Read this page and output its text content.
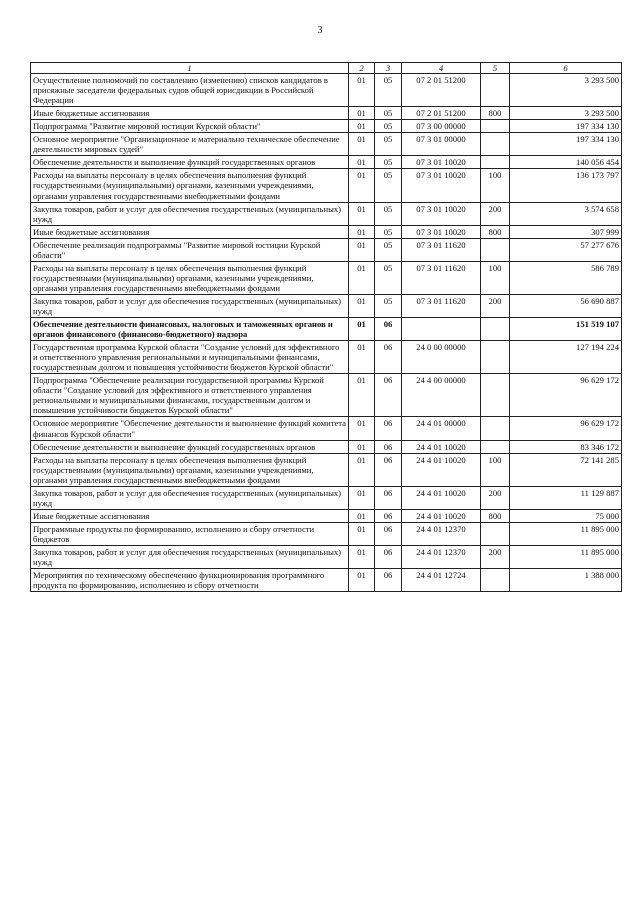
3
1	2	3	4	5	6
Осуществление полномочий по составлению (изменению) списков кандидатов в присяжные заседатели федеральных судов общей юрисдикции в Российской Федерации	01	05	07 2 01 51200		3 293 500
Иные бюджетные ассигнования	01	05	07 2 01 51200	800	3 293 500
Подпрограмма "Развитие мировой юстиции Курской области"	01	05	07 3 00 00000		197 334 130
Основное мероприятие "Организационное и материально техническое обеспечение деятельности мировых судей"	01	05	07 3 01 00000		197 334 130
Обеспечение деятельности и выполнение функций государственных органов	01	05	07 3 01 10020		140 056 454
Расходы на выплаты персоналу в целях обеспечения выполнения функций государственными (муниципальными) органами, казенными учреждениями, органами управления государственными внебюджетными фондами	01	05	07 3 01 10020	100	136 173 797
Закупка товаров, работ и услуг для обеспечения государственных (муниципальных) нужд	01	05	07 3 01 10020	200	3 574 658
Иные бюджетные ассигнования	01	05	07 3 01 10020	800	307 999
Обеспечение реализации подпрограммы "Развитие мировой юстиции Курской области"	01	05	07 3 01 11620		57 277 676
Расходы на выплаты персоналу в целях обеспечения выполнения функций государственными (муниципальными) органами, казенными учреждениями, органами управления государственными внебюджетными фондами	01	05	07 3 01 11620	100	586 789
Закупка товаров, работ и услуг для обеспечения государственных (муниципальных) нужд	01	05	07 3 01 11620	200	56 690 887
Обеспечение деятельности финансовых, налоговых и таможенных органов и органов финансового (финансово-бюджетного) надзора	01	06			151 519 107
Государственная программа Курской области "Создание условий для эффективного и ответственного управления региональными и муниципальными финансами, государственным долгом и повышения устойчивости бюджетов Курской области"	01	06	24 0 00 00000		127 194 224
Подпрограмма "Обеспечение реализации государственной программы Курской области "Создание условий для эффективного и ответственного управления региональными и муниципальными финансами, государственным долгом и повышения устойчивости бюджетов Курской области"	01	06	24 4 00 00000		96 629 172
Основное мероприятие "Обеспечение деятельности и выполнение функций комитета финансов Курской области"	01	06	24 4 01 00000		96 629 172
Обеспечение деятельности и выполнение функций государственных органов	01	06	24 4 01 10020		83 346 172
Расходы на выплаты персоналу в целях обеспечения выполнения функций государственными (муниципальными) органами, казенными учреждениями, органами управления государственными внебюджетными фондами	01	06	24 4 01 10020	100	72 141 285
Закупка товаров, работ и услуг для обеспечения государственных (муниципальных) нужд	01	06	24 4 01 10020	200	11 129 887
Иные бюджетные ассигнования	01	06	24 4 01 10020	800	75 000
Программные продукты по формированию, исполнению и сбору отчетности бюджетов	01	06	24 4 01 12370		11 895 000
Закупка товаров, работ и услуг для обеспечения государственных (муниципальных) нужд	01	06	24 4 01 12370	200	11 895 000
Мероприятия по техническому обеспечению функционирования программного продукта по формированию, исполнению и сбору отчетности	01	06	24 4 01 12724		1 388 000
